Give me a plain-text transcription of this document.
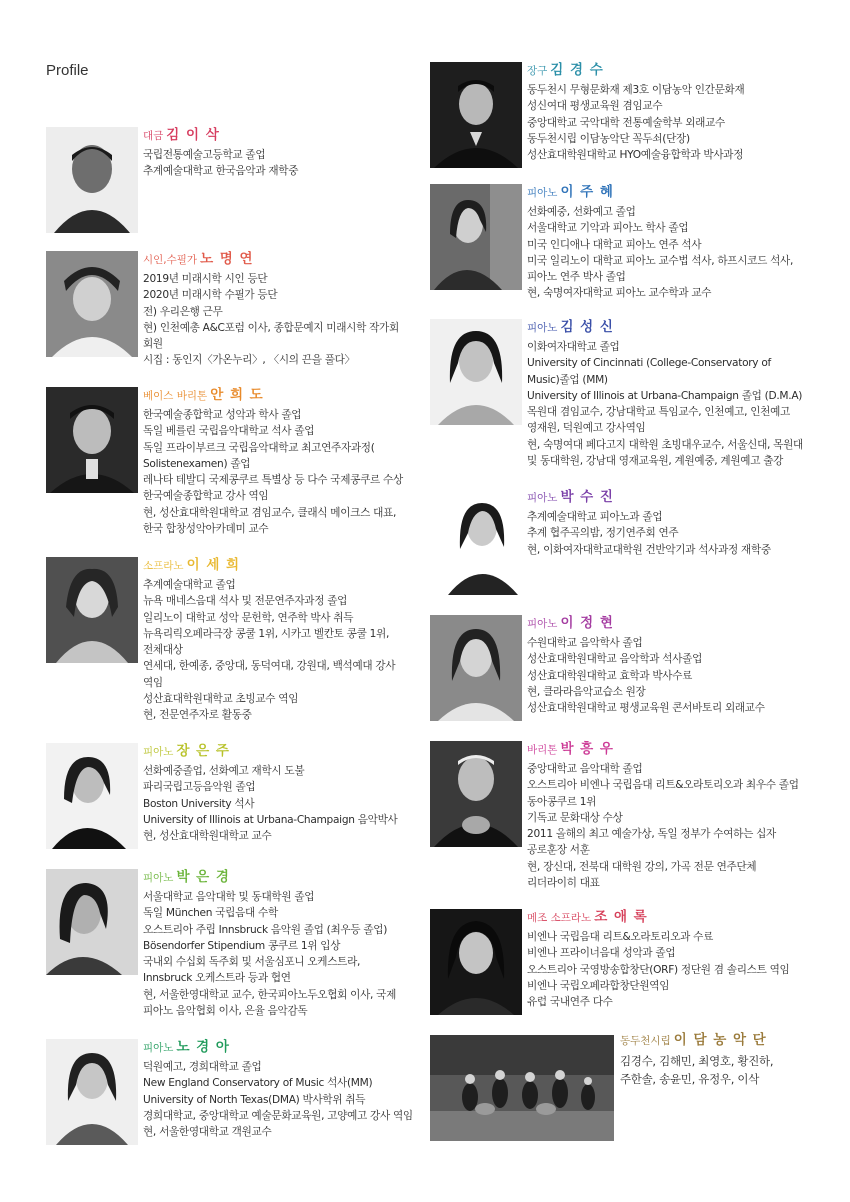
Profile
대금 김 이 삭
국립전통예술고등학교 졸업
추계예술대학교 한국음악과 재학중
시인,수필가 노 명 연
2019년 미래시학 시인 등단
2020년 미래시학 수필가 등단
전) 우리은행 근무
현) 인천예총 A&C포럼 이사, 종합문예지 미래시학 작가회
회원
시집 : 동인지〈가온누리〉, 〈시의 끈을 풀다〉
베이스 바리톤 안 희 도
한국예술종합학교 성악과 학사 졸업
독일 베를린 국립음악대학교 석사 졸업
독일 프라이부르크 국립음악대학교 최고연주자과정(
Solistenexamen) 졸업
레나타 테발디 국제콩쿠르 특별상 등 다수 국제콩쿠르 수상
한국예술종합학교 강사 역임
현, 성산효대학원대학교 겸임교수, 클래식 메이크스 대표,
한국 합창성악아카데미 교수
소프라노 이 세 희
추계예술대학교 졸업
뉴욕 매네스음대 석사 및 전문연주자과정 졸업
일리노이 대학교 성악 문헌학, 연주학 박사 취득
뉴욕리릭오페라극장 콩쿨 1위, 시카고 벨칸토 콩쿨 1위,
전체대상
연세대, 한예종, 중앙대, 동덕여대, 강원대, 백석예대 강사
역임
성산효대학원대학교 초빙교수 역임
현, 전문연주자로 활동중
피아노 장 은 주
선화예중졸업, 선화예고 재학시 도불
파리국립고등음악원 졸업
Boston University 석사
University of Illinois at Urbana-Champaign 음악박사
현, 성산효대학원대학교 교수
피아노 박 은 경
서울대학교 음악대학 및 동대학원 졸업
독일 München 국립음대 수학
오스트리아 주립 Innsbruck 음악원 졸업 (최우등 졸업)
Bösendorfer Stipendium 콩쿠르 1위 입상
국내외 수십회 독주회 및 서울심포니 오케스트라,
Innsbruck 오케스트라 등과 협연
현, 서울한영대학교 교수, 한국피아노두오협회 이사, 국제
피아노 음악협회 이사, 은율 음악감독
피아노 노 경 아
덕원예고, 경희대학교 졸업
New England Conservatory of Music 석사(MM)
University of North Texas(DMA) 박사학위 취득
경희대학교, 중앙대학교 예술문화교육원, 고양예고 강사 역임
현, 서울한영대학교 객원교수
장구 김 경 수
동두천시 무형문화재 제3호 이담농악 인간문화재
성신여대 평생교육원 겸임교수
중앙대학교 국악대학 전통예술학부 외래교수
동두천시립 이담농악단 꼭두쇠(단장)
성산효대학원대학교 HYO예술융합학과 박사과정
피아노 이 주 혜
선화예중, 선화예고 졸업
서울대학교 기악과 피아노 학사 졸업
미국 인디애나 대학교 피아노 연주 석사
미국 일리노이 대학교 피아노 교수법 석사, 하프시코드 석사,
피아노 연주 박사 졸업
현, 숙명여자대학교 피아노 교수학과 교수
피아노 김 성 신
이화여자대학교 졸업
University of Cincinnati (College-Conservatory of
Music)졸업 (MM)
University of Illinois at Urbana-Champaign 졸업 (D.M.A)
목원대 겸임교수, 강남대학교 특임교수, 인천예고, 인천예고
영재원, 덕원예고 강사역임
현, 숙명여대 페다고지 대학원 초빙대우교수, 서울신대, 목원대
및 동대학원, 강남대 영재교육원, 계원예중, 계원예고 출강
피아노 박 수 진
추계예술대학교 피아노과 졸업
추계 협주곡의밤, 정기연주회 연주
현, 이화여자대학교대학원 건반악기과 석사과정 재학중
피아노 이 정 현
수원대학교 음악학사 졸업
성산효대학원대학교 음악학과 석사졸업
성산효대학원대학교 효학과 박사수료
현, 클라라음악교습소 원장
성산효대학원대학교 평생교육원 콘서바토리 외래교수
바리톤 박 흥 우
중앙대학교 음악대학 졸업
오스트리아 비엔나 국립음대 리트&오라토리오과 최우수 졸업
동아콩쿠르 1위
기독교 문화대상 수상
2011 올해의 최고 예술가상, 독일 정부가 수여하는 십자
공로훈장 서훈
현, 장신대, 전북대 대학원 강의, 가곡 전문 연주단체
리더라이히 대표
메조 소프라노 조 애 록
비엔나 국립음대 리트&오라토리오과 수료
비엔나 프라이너음대 성악과 졸업
오스트리아 국영방송합창단(ORF) 정단원 겸 솔리스트 역임
비엔나 국립오페라합창단원역임
유럽 국내연주 다수
동두천시립 이 담 농 악 단
김경수, 김해민, 최영호, 황진하,
주한솔, 송윤민, 유정우, 이삭
